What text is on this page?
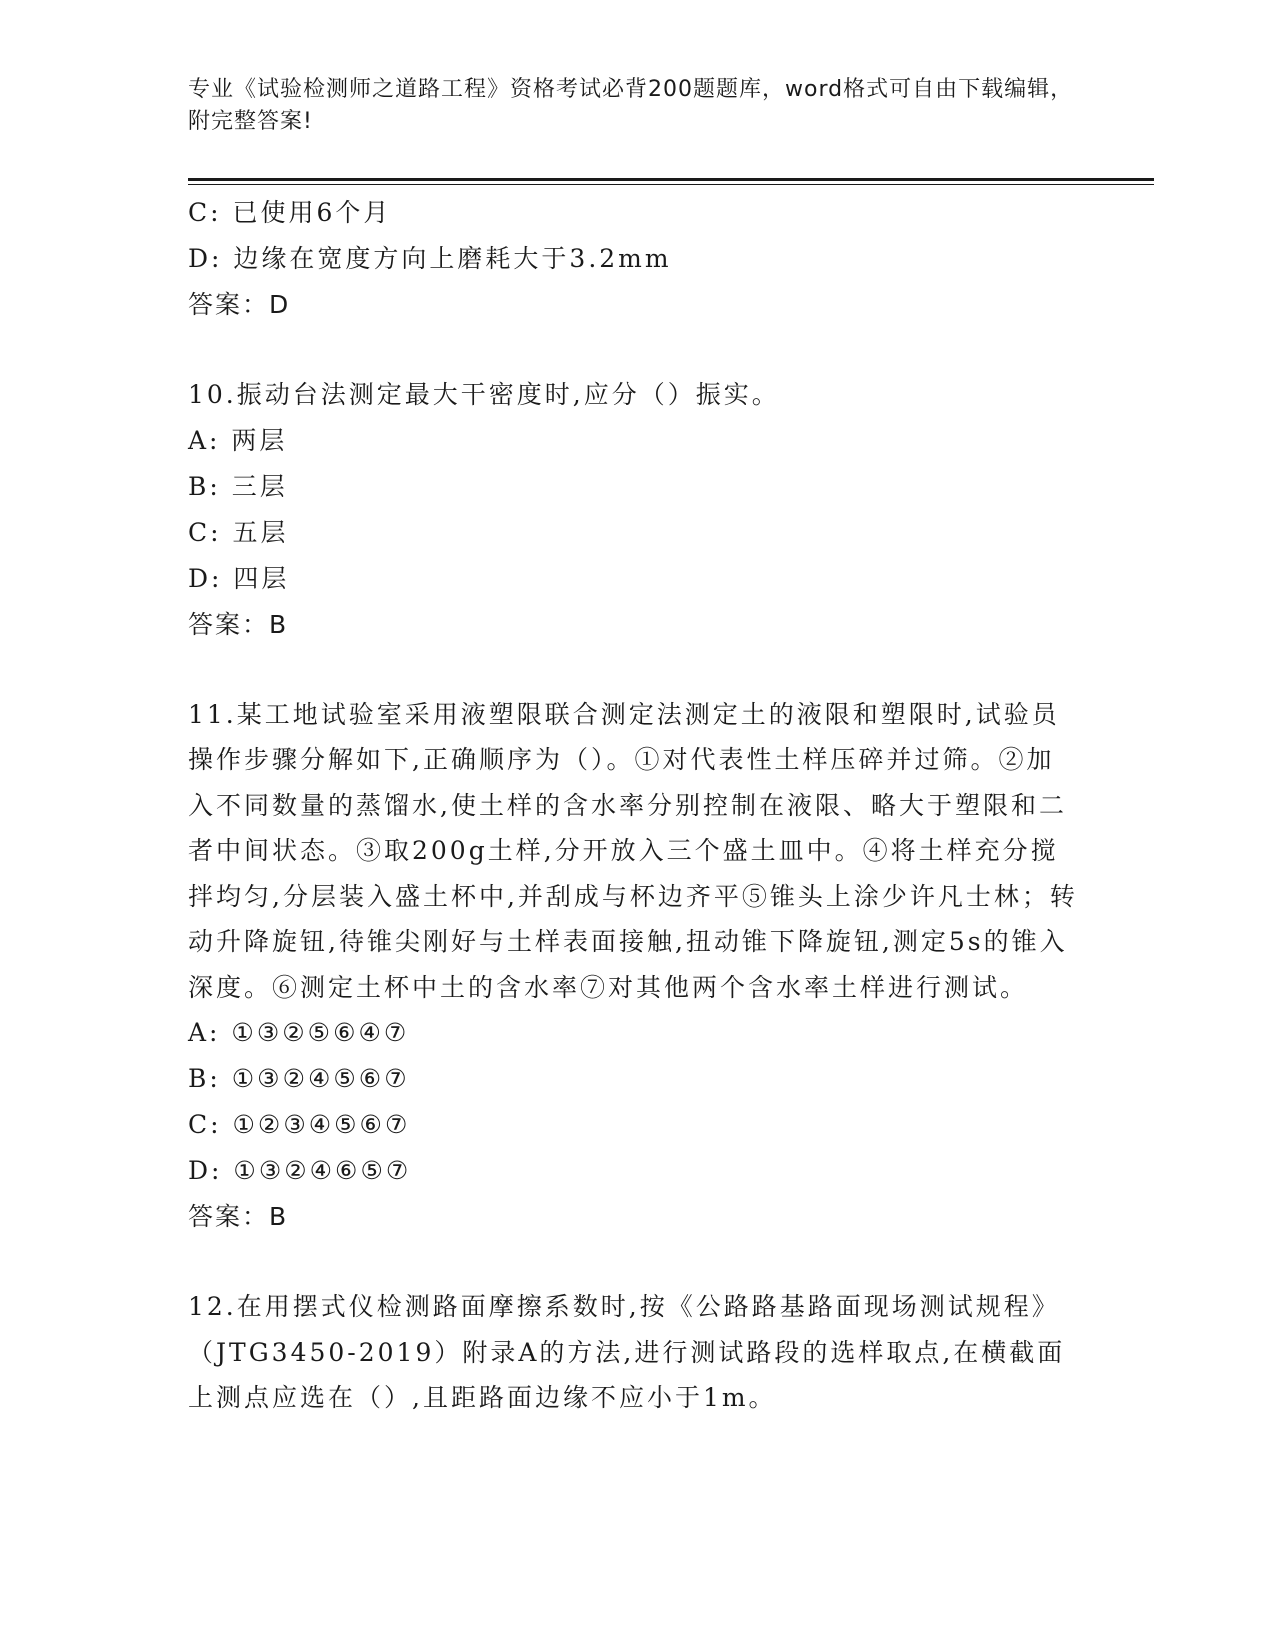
专业《试验检测师之道路工程》资格考试必背200题题库，word格式可自由下载编辑，附完整答案!

C: 已使用6个月

D: 边缘在宽度方向上磨耗大于3.2mm

答案：D

10.振动台法测定最大干密度时,应分（）振实。

A: 两层

B: 三层

C: 五层

D: 四层

答案：B

11.某工地试验室采用液塑限联合测定法测定土的液限和塑限时,试验员操作步骤分解如下,正确顺序为（）。①对代表性土样压碎并过筛。②加入不同数量的蒸馏水,使土样的含水率分别控制在液限、略大于塑限和二者中间状态。③取200g土样,分开放入三个盛土皿中。④将土样充分搅拌均匀,分层装入盛土杯中,并刮成与杯边齐平⑤锥头上涂少许凡士林；转动升降旋钮,待锥尖刚好与土样表面接触,扭动锥下降旋钮,测定5s的锥入深度。⑥测定土杯中土的含水率⑦对其他两个含水率土样进行测试。

A: ①③②⑤⑥④⑦

B: ①③②④⑤⑥⑦

C: ①②③④⑤⑥⑦

D: ①③②④⑥⑤⑦

答案：B

12.在用摆式仪检测路面摩擦系数时,按《公路路基路面现场测试规程》（JTG3450-2019）附录A的方法,进行测试路段的选样取点,在横截面上测点应选在（）,且距路面边缘不应小于1m。
